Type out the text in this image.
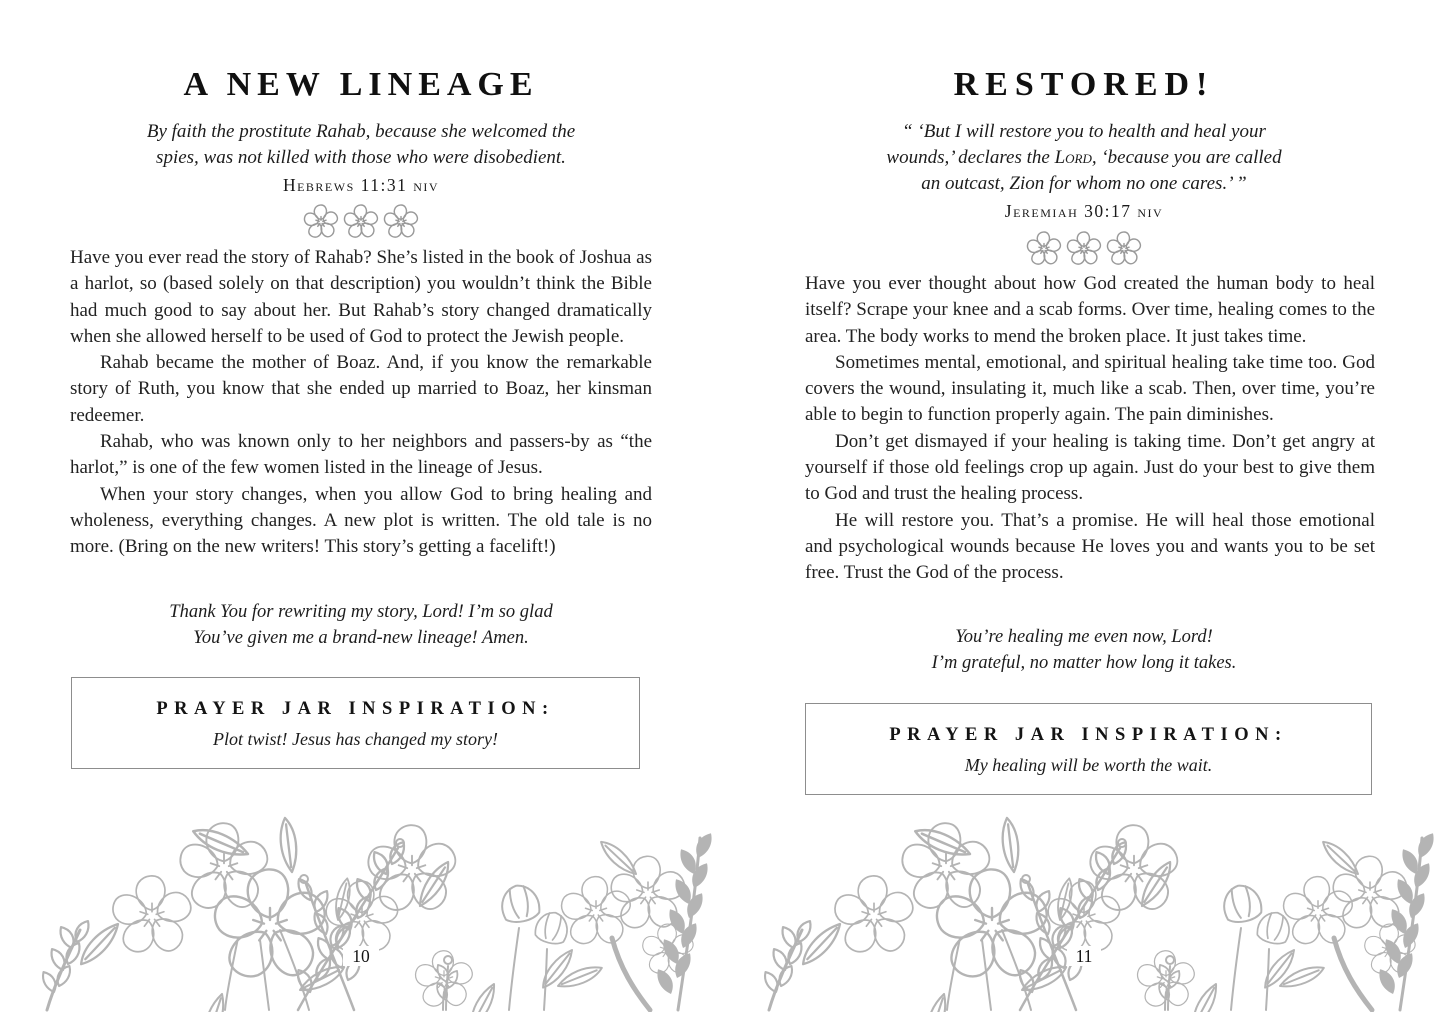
A NEW LINEAGE
By faith the prostitute Rahab, because she welcomed the
spies, was not killed with those who were disobedient.
Hebrews 11:31 niv

Have you ever read the story of Rahab? She’s listed in the book of Joshua as a harlot, so (based solely on that description) you wouldn’t think the Bible had much good to say about her. But Rahab’s story changed dramatically when she allowed herself to be used of God to protect the Jewish people.

Rahab became the mother of Boaz. And, if you know the remarkable story of Ruth, you know that she ended up married to Boaz, her kinsman redeemer.

Rahab, who was known only to her neighbors and passers-by as “the harlot,” is one of the few women listed in the lineage of Jesus.

When your story changes, when you allow God to bring healing and wholeness, everything changes. A new plot is written. The old tale is no more. (Bring on the new writers! This story’s getting a facelift!)

Thank You for rewriting my story, Lord! I’m so glad
You’ve given me a brand-new lineage! Amen.
PRAYER JAR INSPIRATION:
Plot twist! Jesus has changed my story!
10
RESTORED!
“ ‘But I will restore you to health and heal your
wounds,’ declares the Lord, ‘because you are called
an outcast, Zion for whom no one cares.’ ”
Jeremiah 30:17 niv

Have you ever thought about how God created the human body to heal itself? Scrape your knee and a scab forms. Over time, healing comes to the area. The body works to mend the broken place. It just takes time.

Sometimes mental, emotional, and spiritual healing take time too. God covers the wound, insulating it, much like a scab. Then, over time, you’re able to begin to function properly again. The pain diminishes.

Don’t get dismayed if your healing is taking time. Don’t get angry at yourself if those old feelings crop up again. Just do your best to give them to God and trust the healing process.

He will restore you. That’s a promise. He will heal those emotional and psychological wounds because He loves you and wants you to be set free. Trust the God of the process.

You’re healing me even now, Lord!
I’m grateful, no matter how long it takes.
PRAYER JAR INSPIRATION:
My healing will be worth the wait.
11
